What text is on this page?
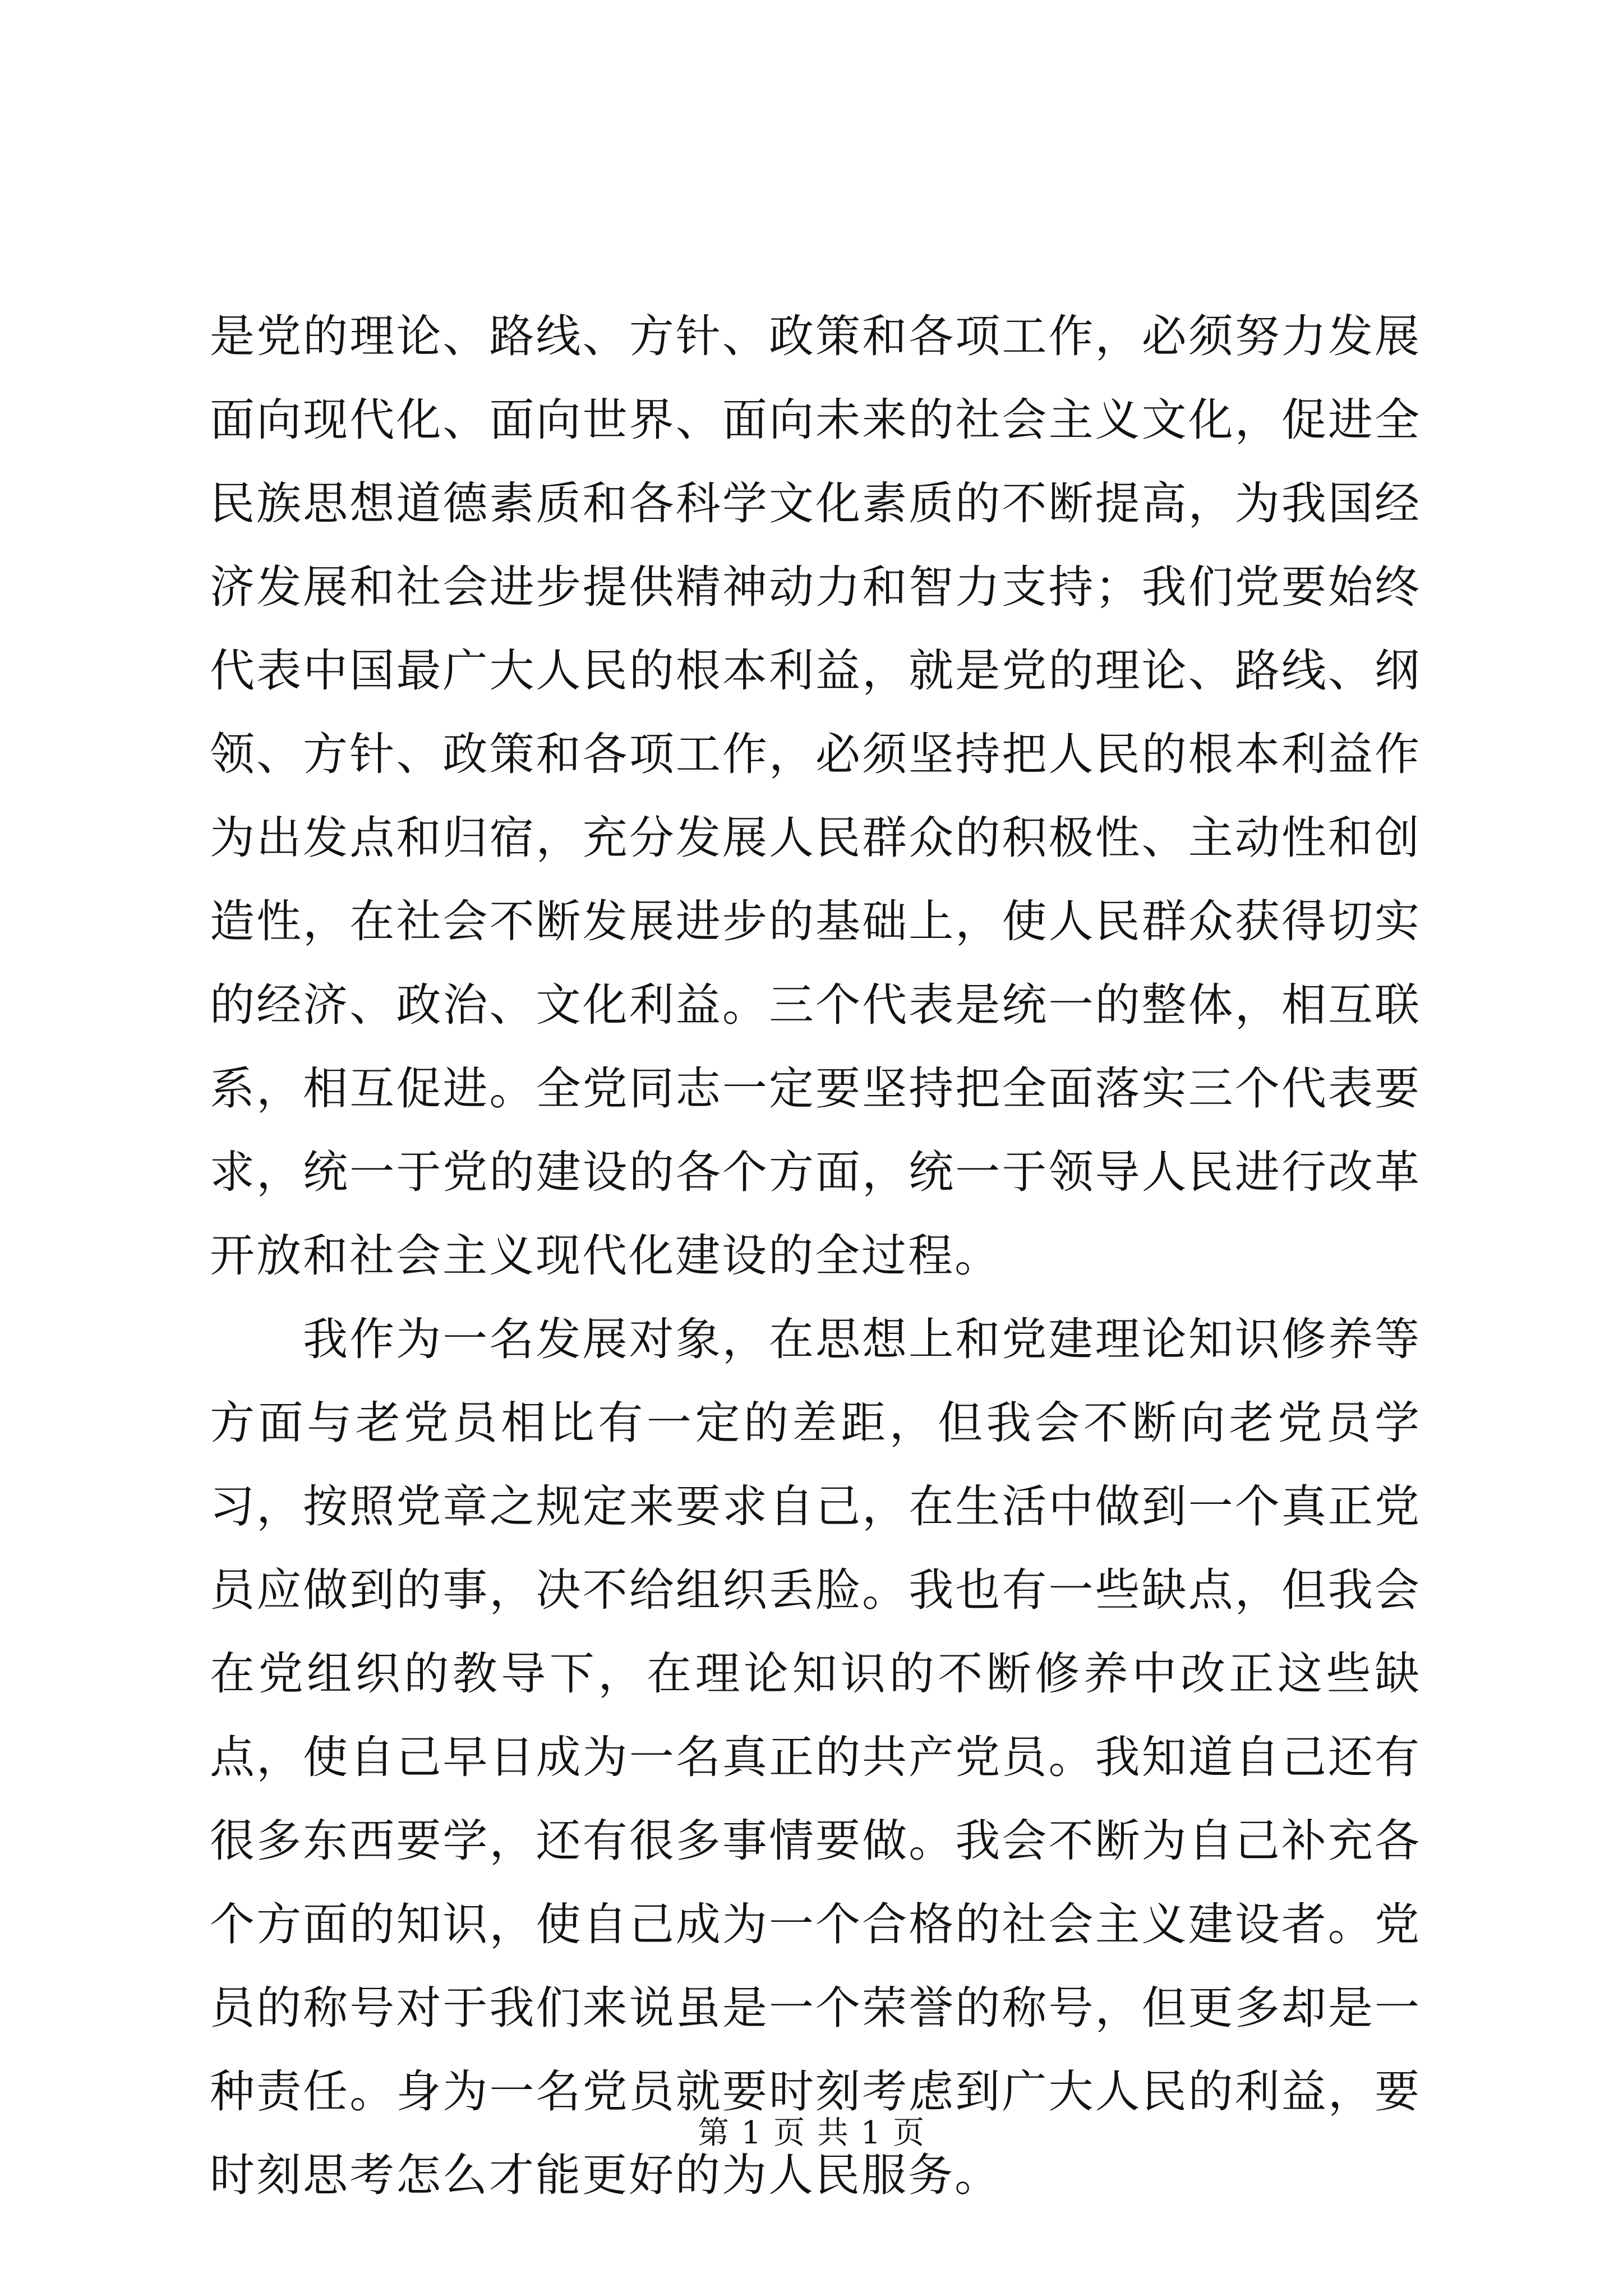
是党的理论、路线、方针、政策和各项工作，必须努力发展面向现代化、面向世界、面向未来的社会主义文化，促进全民族思想道德素质和各科学文化素质的不断提高，为我国经济发展和社会进步提供精神动力和智力支持；我们党要始终代表中国最广大人民的根本利益，就是党的理论、路线、纲领、方针、政策和各项工作，必须坚持把人民的根本利益作为出发点和归宿，充分发展人民群众的积极性、主动性和创造性，在社会不断发展进步的基础上，使人民群众获得切实的经济、政治、文化利益。三个代表是统一的整体，相互联系，相互促进。全党同志一定要坚持把全面落实三个代表要求，统一于党的建设的各个方面，统一于领导人民进行改革开放和社会主义现代化建设的全过程。

我作为一名发展对象，在思想上和党建理论知识修养等方面与老党员相比有一定的差距，但我会不断向老党员学习，按照党章之规定来要求自己，在生活中做到一个真正党员应做到的事，决不给组织丢脸。我也有一些缺点，但我会在党组织的教导下，在理论知识的不断修养中改正这些缺点，使自己早日成为一名真正的共产党员。我知道自己还有很多东西要学，还有很多事情要做。我会不断为自己补充各个方面的知识，使自己成为一个合格的社会主义建设者。党员的称号对于我们来说虽是一个荣誉的称号，但更多却是一种责任。身为一名党员就要时刻考虑到广大人民的利益，要时刻思考怎么才能更好的为人民服务。

第 1 页 共 1 页
